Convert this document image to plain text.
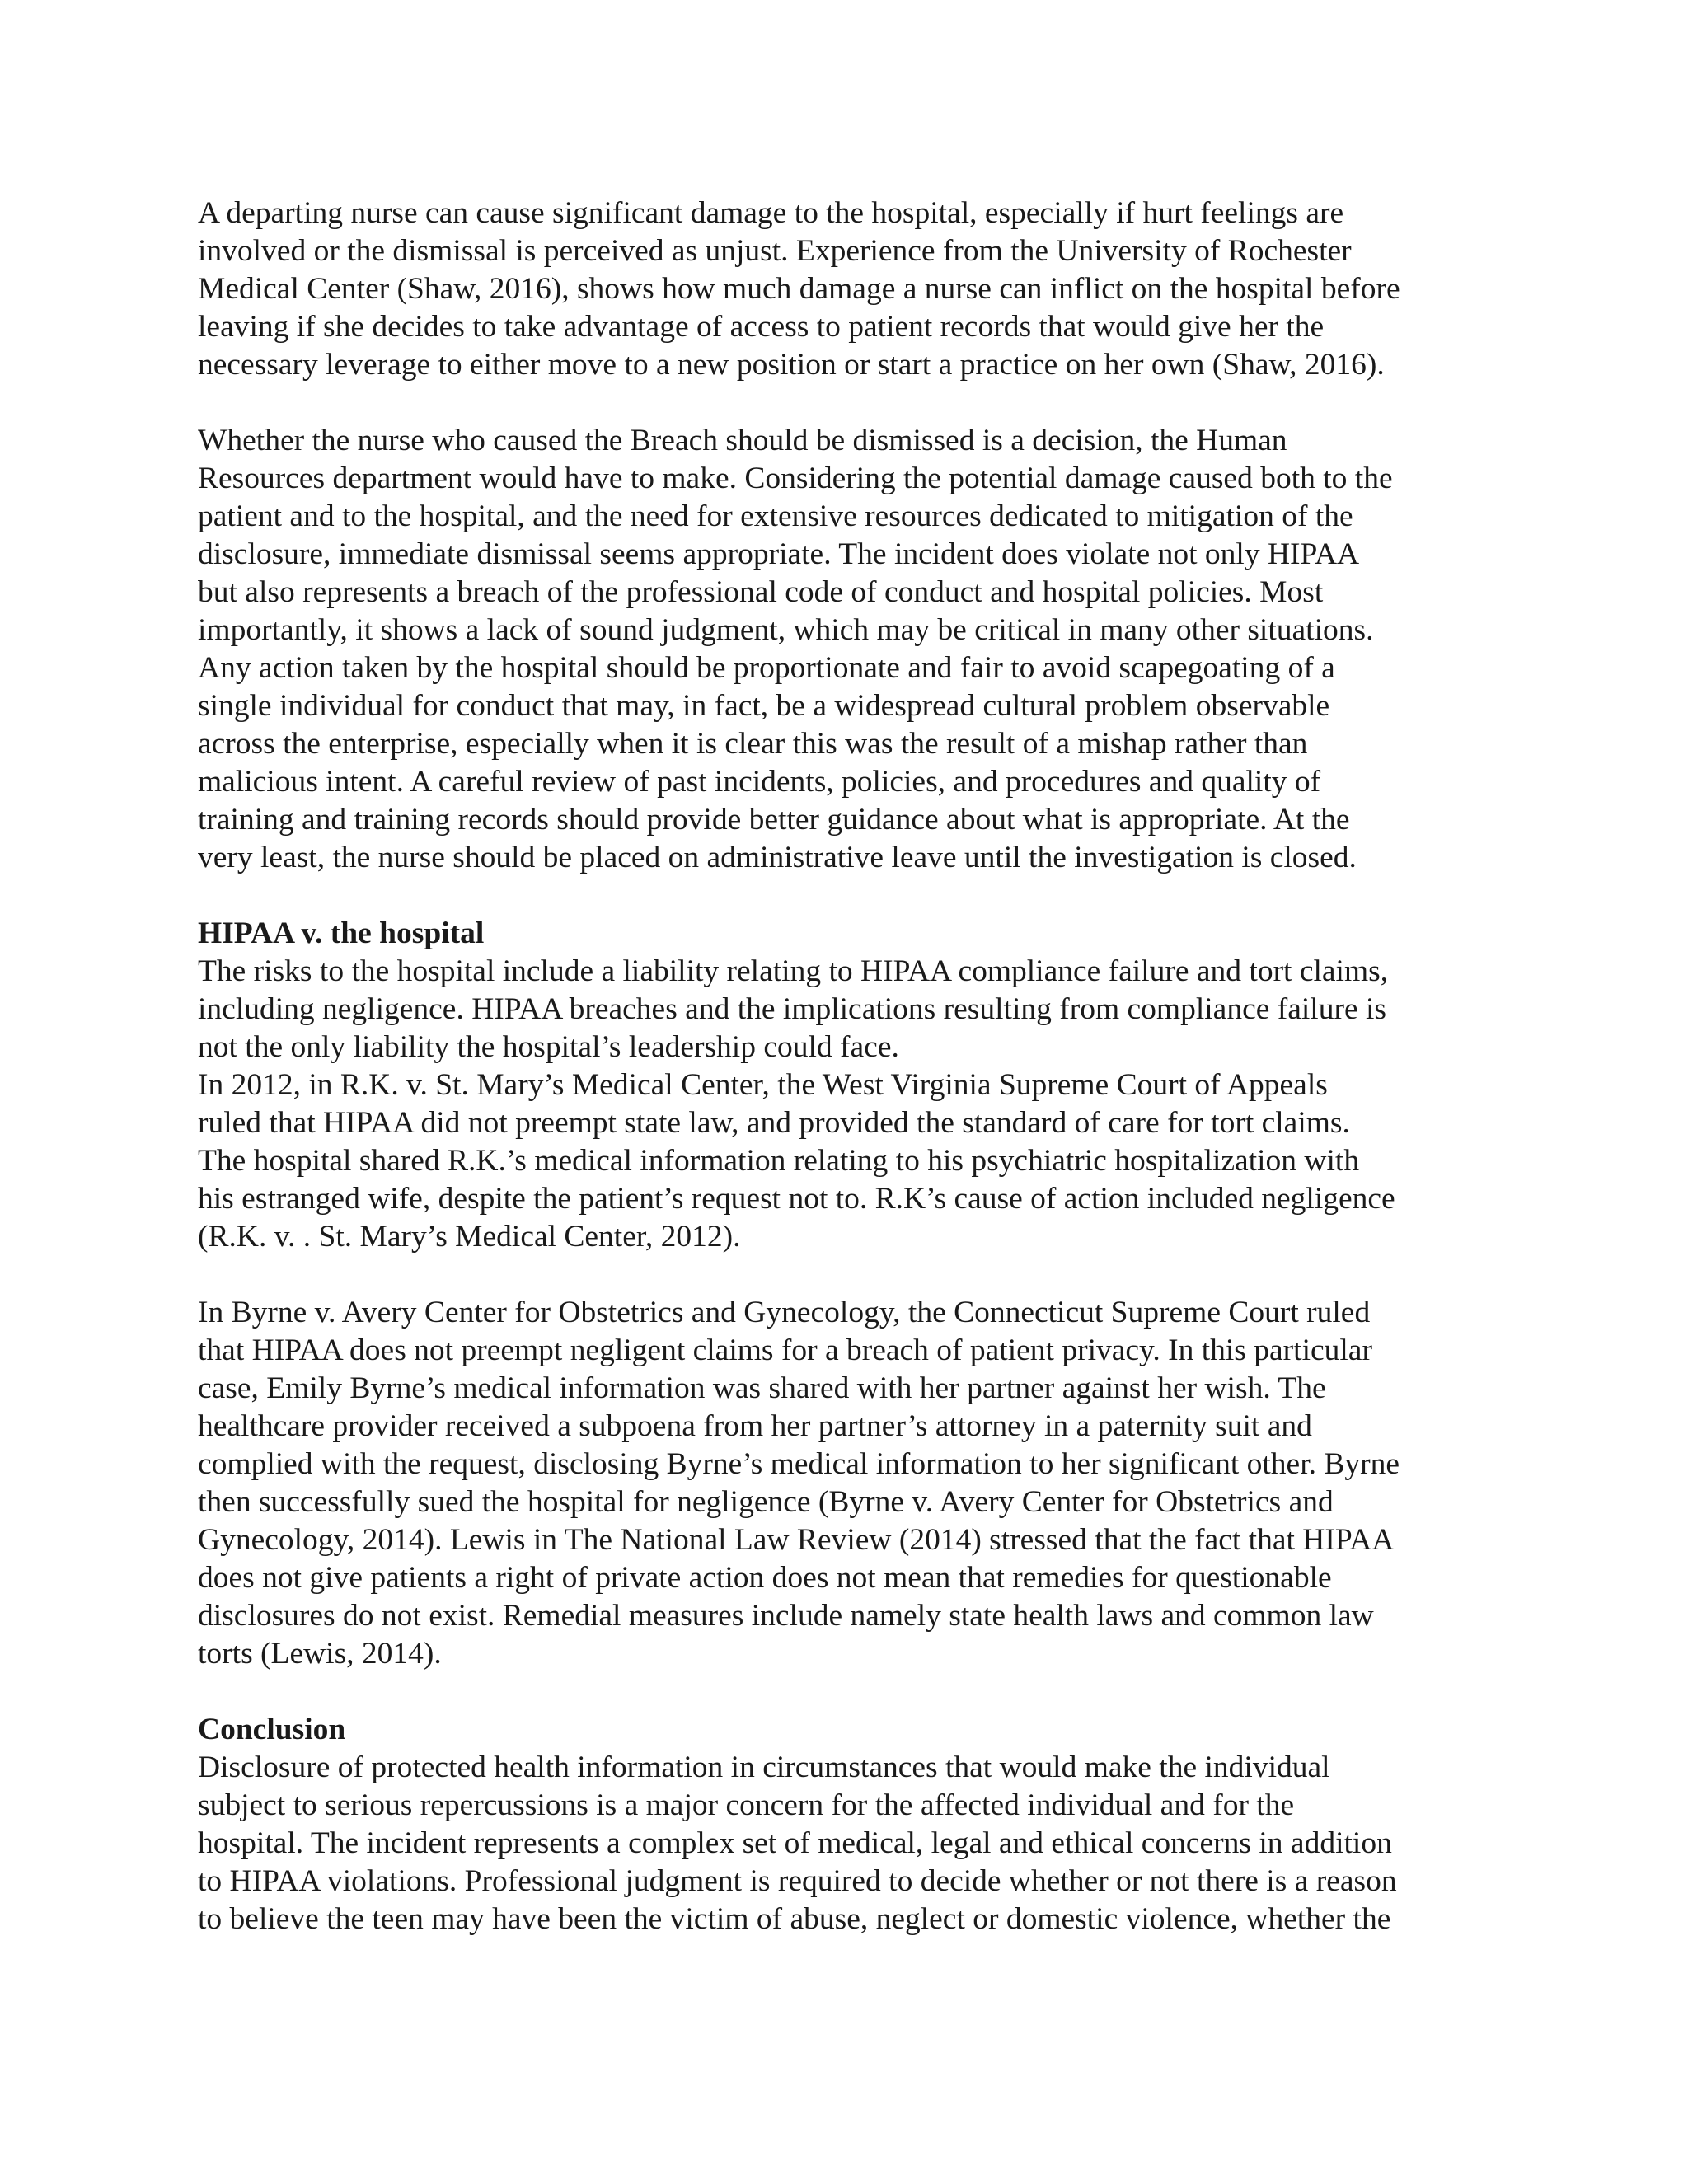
A departing nurse can cause significant damage to the hospital, especially if hurt feelings are
involved or the dismissal is perceived as unjust. Experience from the University of Rochester
Medical Center (Shaw, 2016), shows how much damage a nurse can inflict on the hospital before
leaving if she decides to take advantage of access to patient records that would give her the
necessary leverage to either move to a new position or start a practice on her own (Shaw, 2016).
Whether the nurse who caused the Breach should be dismissed is a decision, the Human
Resources department would have to make. Considering the potential damage caused both to the
patient and to the hospital, and the need for extensive resources dedicated to mitigation of the
disclosure, immediate dismissal seems appropriate. The incident does violate not only HIPAA
but also represents a breach of the professional code of conduct and hospital policies. Most
importantly, it shows a lack of sound judgment, which may be critical in many other situations.
Any action taken by the hospital should be proportionate and fair to avoid scapegoating of a
single individual for conduct that may, in fact, be a widespread cultural problem observable
across the enterprise, especially when it is clear this was the result of a mishap rather than
malicious intent. A careful review of past incidents, policies, and procedures and quality of
training and training records should provide better guidance about what is appropriate. At the
very least, the nurse should be placed on administrative leave until the investigation is closed.
HIPAA v. the hospital
The risks to the hospital include a liability relating to HIPAA compliance failure and tort claims,
including negligence. HIPAA breaches and the implications resulting from compliance failure is
not the only liability the hospital’s leadership could face.
In 2012, in R.K. v. St. Mary’s Medical Center, the West Virginia Supreme Court of Appeals
ruled that HIPAA did not preempt state law, and provided the standard of care for tort claims.
The hospital shared R.K.’s medical information relating to his psychiatric hospitalization with
his estranged wife, despite the patient’s request not to. R.K’s cause of action included negligence
(R.K. v. . St. Mary’s Medical Center, 2012).
In Byrne v. Avery Center for Obstetrics and Gynecology, the Connecticut Supreme Court ruled
that HIPAA does not preempt negligent claims for a breach of patient privacy. In this particular
case, Emily Byrne’s medical information was shared with her partner against her wish. The
healthcare provider received a subpoena from her partner’s attorney in a paternity suit and
complied with the request, disclosing Byrne’s medical information to her significant other. Byrne
then successfully sued the hospital for negligence (Byrne v. Avery Center for Obstetrics and
Gynecology, 2014). Lewis in The National Law Review (2014) stressed that the fact that HIPAA
does not give patients a right of private action does not mean that remedies for questionable
disclosures do not exist. Remedial measures include namely state health laws and common law
torts (Lewis, 2014).
Conclusion
Disclosure of protected health information in circumstances that would make the individual
subject to serious repercussions is a major concern for the affected individual and for the
hospital. The incident represents a complex set of medical, legal and ethical concerns in addition
to HIPAA violations. Professional judgment is required to decide whether or not there is a reason
to believe the teen may have been the victim of abuse, neglect or domestic violence, whether the
